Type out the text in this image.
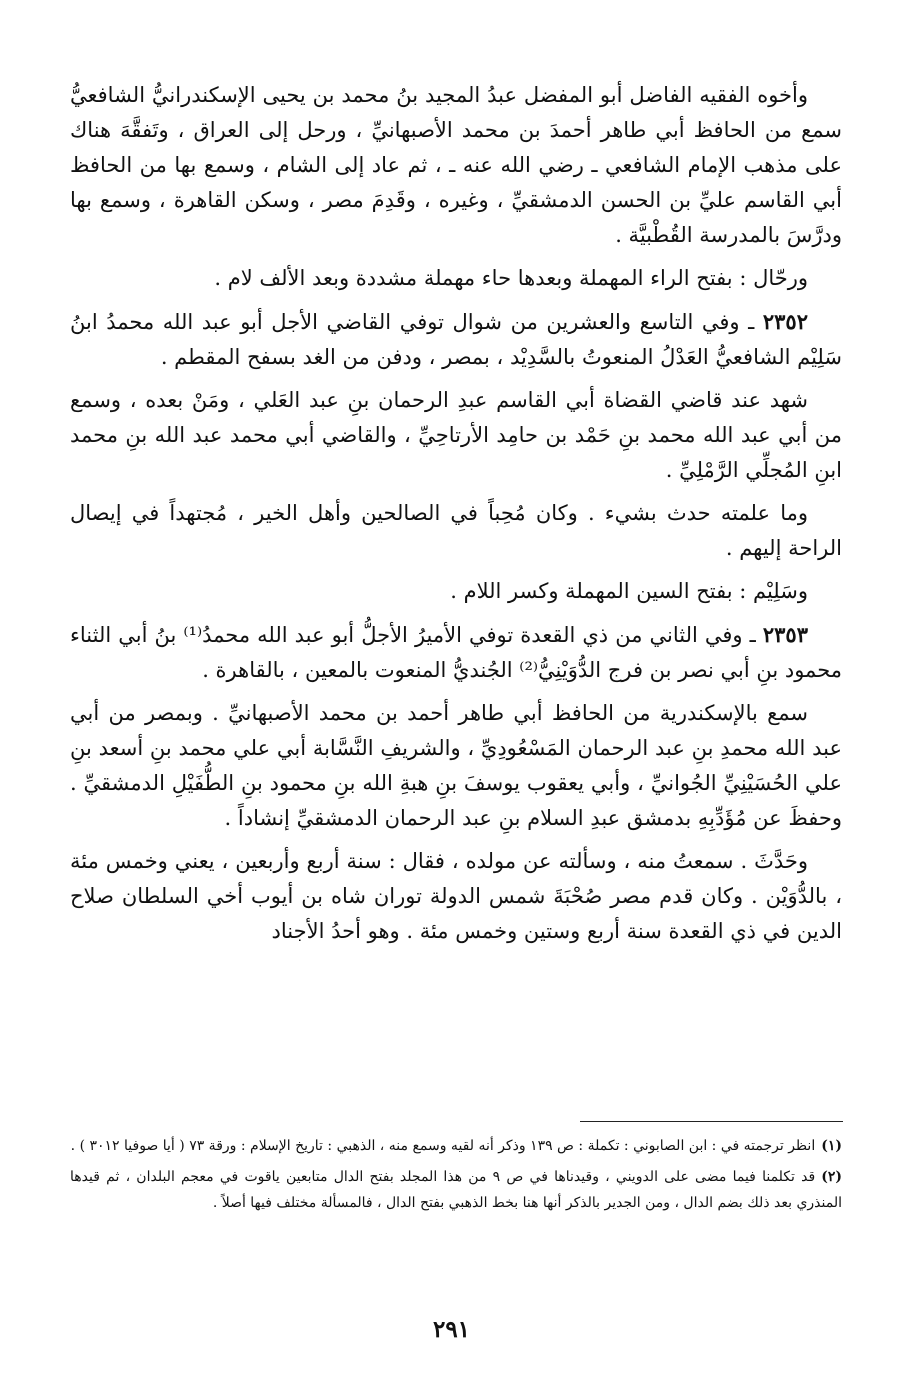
وأخوه الفقيه الفاضل أبو المفضل عبدُ المجيد بنُ محمد بن يحيى الإسكندرانيُّ الشافعيُّ سمع من الحافظ أبي طاهر أحمدَ بن محمد الأصبهانيِّ ، ورحل إلى العراق ، وتَفقَّهَ هناك على مذهب الإمام الشافعي ـ رضي الله عنه ـ ، ثم عاد إلى الشام ، وسمع بها من الحافظ أبي القاسم عليِّ بن الحسن الدمشقيِّ ، وغيره ، وقَدِمَ مصر ، وسكن القاهرة ، وسمع بها ودرَّسَ بالمدرسة القُطْبيَّة .

ورحّال : بفتح الراء المهملة وبعدها حاء مهملة مشددة وبعد الألف لام .

٢٣٥٢ ـ وفي التاسع والعشرين من شوال توفي القاضي الأجل أبو عبد الله محمدُ ابنُ سَلِيْم الشافعيُّ العَدْلُ المنعوتُ بالسَّدِيْد ، بمصر ، ودفن من الغد بسفح المقطم .

شهد عند قاضي القضاة أبي القاسم عبدِ الرحمان بنِ عبد العَلي ، ومَنْ بعده ، وسمع من أبي عبد الله محمد بنِ حَمْد بن حامِد الأرتاحِيِّ ، والقاضي أبي محمد عبد الله بنِ محمد ابنِ المُجلِّي الرَّمْلِيِّ .

وما علمته حدث بشيء . وكان مُحِباً في الصالحين وأهل الخير ، مُجتهداً في إيصال الراحة إليهم .

وسَلِيْم : بفتح السين المهملة وكسر اللام .

٢٣٥٣ ـ وفي الثاني من ذي القعدة توفي الأميرُ الأجلُّ أبو عبد الله محمدُ⁽¹⁾ بنُ أبي الثناء محمود بنِ أبي نصر بن فرج الدُّوَيْنِيُّ⁽²⁾ الجُنديُّ المنعوت بالمعين ، بالقاهرة .

سمع بالإسكندرية من الحافظ أبي طاهر أحمد بن محمد الأصبهانيِّ . وبمصر من أبي عبد الله محمدِ بنِ عبد الرحمان المَسْعُودِيِّ ، والشريفِ النَّسَّابة أبي علي محمد بنِ أسعد بنِ علي الحُسَيْنِيِّ الجُوانيِّ ، وأبي يعقوب يوسفَ بنِ هبةِ الله بنِ محمود بنِ الطُّفَيْلِ الدمشقيِّ . وحفظَ عن مُؤَدِّبِهِ بدمشق عبدِ السلام بنِ عبد الرحمان الدمشقيِّ إنشاداً .

وحَدَّثَ . سمعتُ منه ، وسألته عن مولده ، فقال : سنة أربع وأربعين ، يعني وخمس مئة ، بالدُّوَيْن . وكان قدم مصر صُحْبَةَ شمس الدولة توران شاه بن أيوب أخي السلطان صلاح الدين في ذي القعدة سنة أربع وستين وخمس مئة . وهو أحدُ الأجناد

(١)انظر ترجمته في : ابن الصابوني : تكملة : ص ١٣٩ وذكر أنه لقيه وسمع منه ، الذهبي : تاريخ الإسلام : ورقة ٧٣ ( أيا صوفيا ٣٠١٢ ) .

(٢)قد تكلمنا فيما مضى على الدويني ، وقيدناها في ص ٩ من هذا المجلد بفتح الدال متابعين ياقوت في معجم البلدان ، ثم قيدها المنذري بعد ذلك بضم الدال ، ومن الجدير بالذكر أنها هنا بخط الذهبي بفتح الدال ، فالمسألة مختلف فيها أصلاً .

٢٩١
